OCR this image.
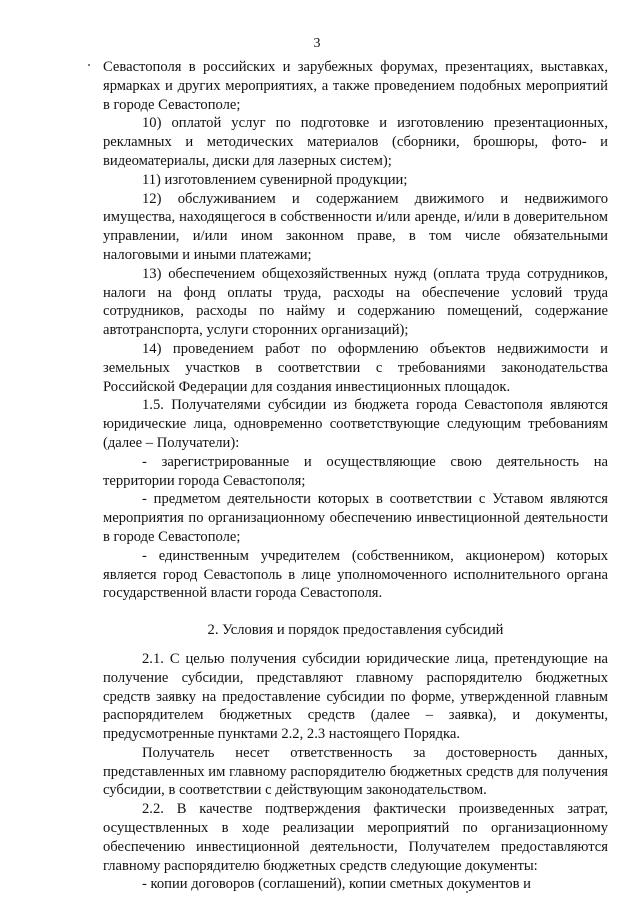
3

Севастополя в российских и зарубежных форумах, презентациях, выставках, ярмарках и других мероприятиях, а также проведением подобных мероприятий в городе Севастополе;

10) оплатой услуг по подготовке и изготовлению презентационных, рекламных и методических материалов (сборники, брошюры, фото- и видеоматериалы, диски для лазерных систем);

11) изготовлением сувенирной продукции;

12) обслуживанием и содержанием движимого и недвижимого имущества, находящегося в собственности и/или аренде, и/или в доверительном управлении, и/или ином законном праве, в том числе обязательными налоговыми и иными платежами;

13) обеспечением общехозяйственных нужд (оплата труда сотрудников, налоги на фонд оплаты труда, расходы на обеспечение условий труда сотрудников, расходы по найму и содержанию помещений, содержание автотранспорта, услуги сторонних организаций);

14) проведением работ по оформлению объектов недвижимости и земельных участков в соответствии с требованиями законодательства Российской Федерации для создания инвестиционных площадок.

1.5. Получателями субсидии из бюджета города Севастополя являются юридические лица, одновременно соответствующие следующим требованиям (далее – Получатели):

- зарегистрированные и осуществляющие свою деятельность на территории города Севастополя;

- предметом деятельности которых в соответствии с Уставом являются мероприятия по организационному обеспечению инвестиционной деятельности в городе Севастополе;

- единственным учредителем (собственником, акционером) которых является город Севастополь в лице уполномоченного исполнительного органа государственной власти города Севастополя.

2. Условия и порядок предоставления субсидий

2.1. С целью получения субсидии юридические лица, претендующие на получение субсидии, представляют главному распорядителю бюджетных средств заявку на предоставление субсидии по форме, утвержденной главным распорядителем бюджетных средств (далее – заявка), и документы, предусмотренные пунктами 2.2, 2.3 настоящего Порядка.

Получатель несет ответственность за достоверность данных, представленных им главному распорядителю бюджетных средств для получения субсидии, в соответствии с действующим законодательством.

2.2. В качестве подтверждения фактически произведенных затрат, осуществленных в ходе реализации мероприятий по организационному обеспечению инвестиционной деятельности, Получателем предоставляются главному распорядителю бюджетных средств следующие документы:

- копии договоров (соглашений), копии сметных документов и
